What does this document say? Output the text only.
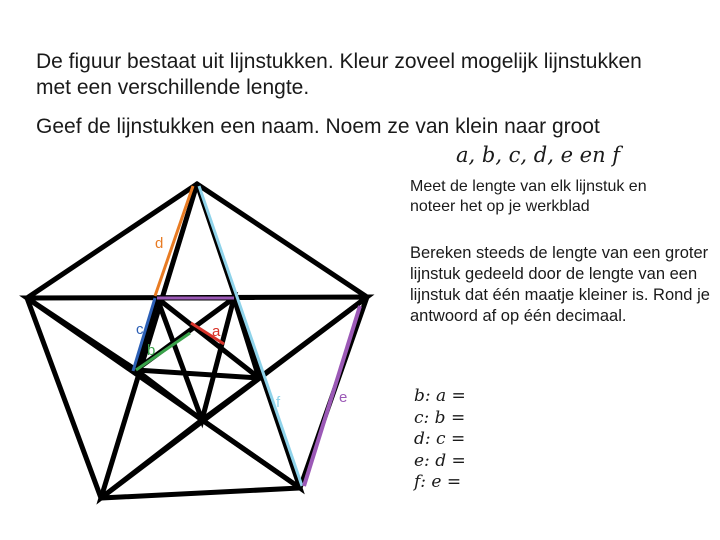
De figuur bestaat uit lijnstukken. Kleur zoveel mogelijk lijnstukken met een verschillende lengte.

Geef de lijnstukken een naam. Noem ze van klein naar groot

a, b, c, d, e en f
Meet de lengte van elk lijnstuk en noteer het op je werkblad
Bereken steeds de lengte van een groter lijnstuk gedeeld door de lengte van een lijnstuk dat één maatje kleiner is. Rond je antwoord af op één decimaal.
b: a =
c: b =
d: c =
e: d =
f: e =
d
a
c
b
f	e
